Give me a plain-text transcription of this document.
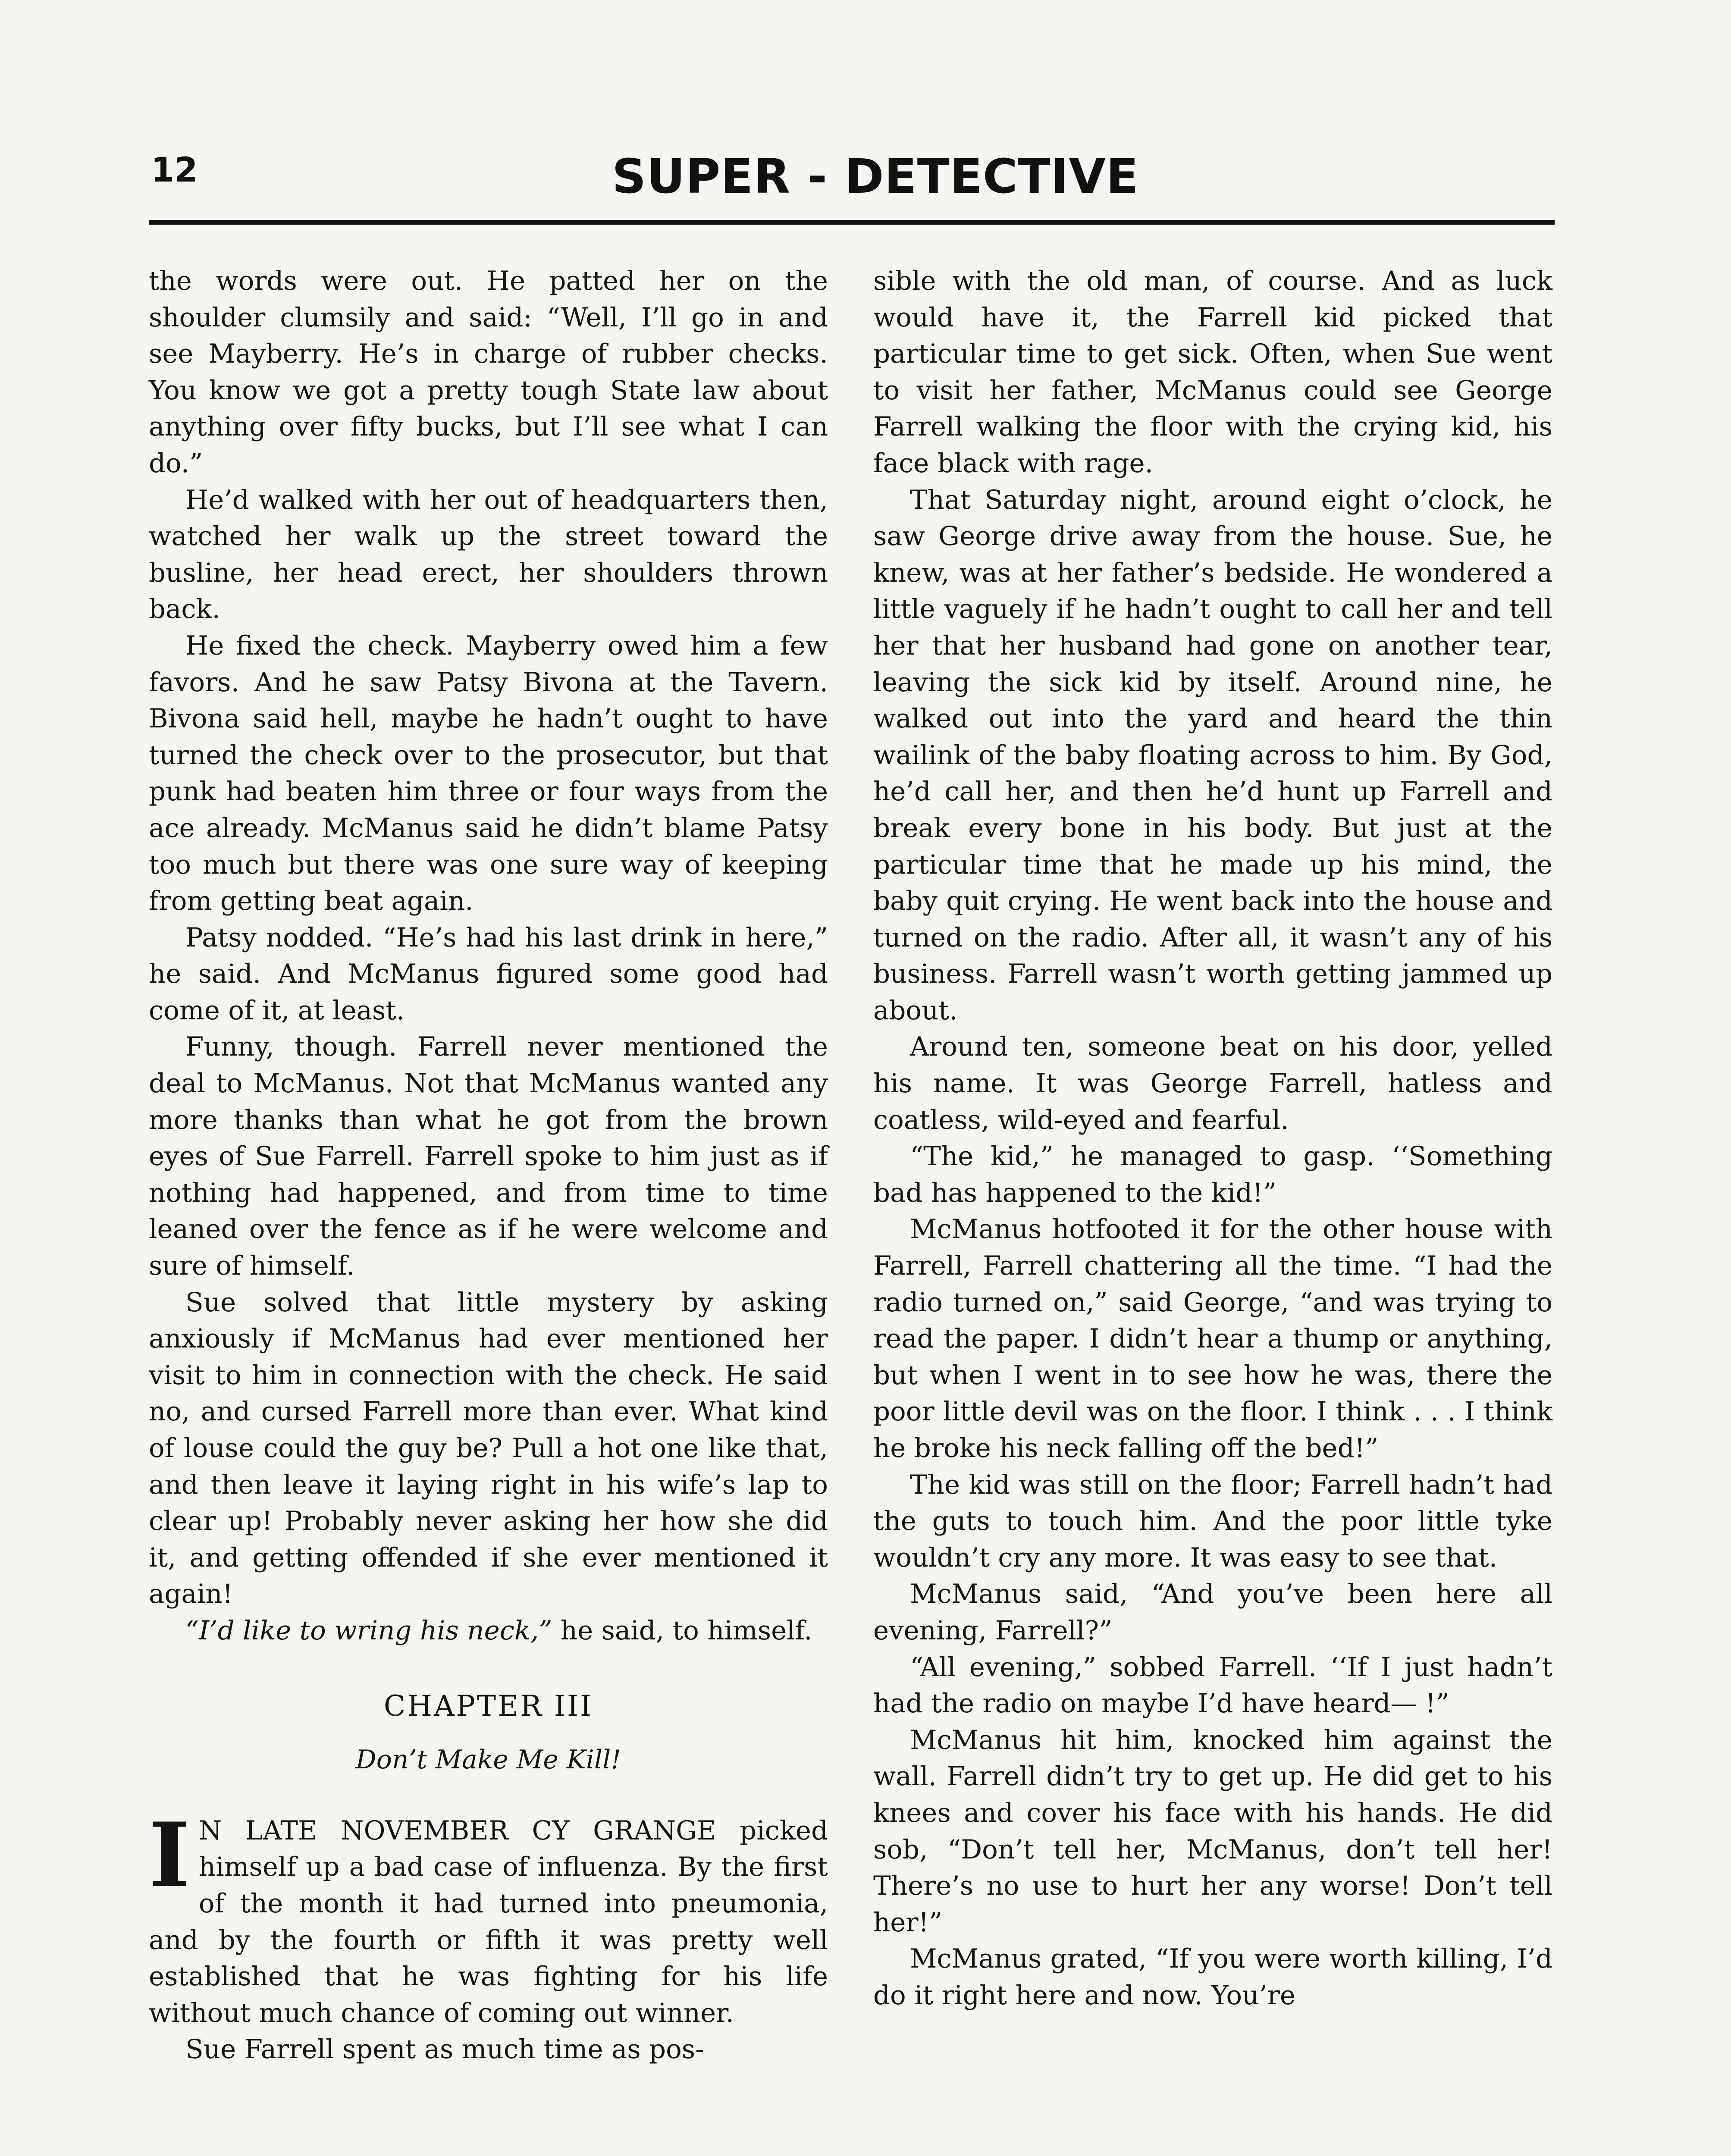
12	SUPER - DETECTIVE

the words were out. He patted her on the shoulder clumsily and said: “Well, I’ll go in and see Mayberry. He’s in charge of rubber checks. You know we got a pretty tough State law about anything over fifty bucks, but I’ll see what I can do.”

He’d walked with her out of headquarters then, watched her walk up the street toward the busline, her head erect, her shoulders thrown back.

He fixed the check. Mayberry owed him a few favors. And he saw Patsy Bivona at the Tavern. Bivona said hell, maybe he hadn’t ought to have turned the check over to the prosecutor, but that punk had beaten him three or four ways from the ace already. McManus said he didn’t blame Patsy too much but there was one sure way of keeping from getting beat again.

Patsy nodded. “He’s had his last drink in here,” he said. And McManus figured some good had come of it, at least.

Funny, though. Farrell never mentioned the deal to McManus. Not that McManus wanted any more thanks than what he got from the brown eyes of Sue Farrell. Farrell spoke to him just as if nothing had happened, and from time to time leaned over the fence as if he were welcome and sure of himself.

Sue solved that little mystery by asking anxiously if McManus had ever mentioned her visit to him in connection with the check. He said no, and cursed Farrell more than ever. What kind of louse could the guy be? Pull a hot one like that, and then leave it laying right in his wife’s lap to clear up! Probably never asking her how she did it, and getting offended if she ever mentioned it again!

“I’d like to wring his neck,” he said, to himself.

CHAPTER III
Don’t Make Me Kill!

I N LATE NOVEMBER CY GRANGE picked himself up a bad case of influenza. By the first of the month it had turned into pneumonia, and by the fourth or fifth it was pretty well established that he was fighting for his life without much chance of coming out winner.

Sue Farrell spent as much time as pos-

sible with the old man, of course. And as luck would have it, the Farrell kid picked that particular time to get sick. Often, when Sue went to visit her father, McManus could see George Farrell walking the floor with the crying kid, his face black with rage.

That Saturday night, around eight o’clock, he saw George drive away from the house. Sue, he knew, was at her father’s bedside. He wondered a little vaguely if he hadn’t ought to call her and tell her that her husband had gone on another tear, leaving the sick kid by itself. Around nine, he walked out into the yard and heard the thin wailink of the baby floating across to him. By God, he’d call her, and then he’d hunt up Farrell and break every bone in his body. But just at the particular time that he made up his mind, the baby quit crying. He went back into the house and turned on the radio. After all, it wasn’t any of his business. Farrell wasn’t worth getting jammed up about.

Around ten, someone beat on his door, yelled his name. It was George Farrell, hatless and coatless, wild-eyed and fearful.

“The kid,” he managed to gasp. ‘‘Something bad has happened to the kid!”

McManus hotfooted it for the other house with Farrell, Farrell chattering all the time. “I had the radio turned on,” said George, “and was trying to read the paper. I didn’t hear a thump or anything, but when I went in to see how he was, there the poor little devil was on the floor. I think . . . I think he broke his neck falling off the bed!”

The kid was still on the floor; Farrell hadn’t had the guts to touch him. And the poor little tyke wouldn’t cry any more. It was easy to see that.

McManus said, “And you’ve been here all evening, Farrell?”

“All evening,” sobbed Farrell. ‘‘If I just hadn’t had the radio on maybe I’d have heard— !”

McManus hit him, knocked him against the wall. Farrell didn’t try to get up. He did get to his knees and cover his face with his hands. He did sob, “Don’t tell her, McManus, don’t tell her! There’s no use to hurt her any worse! Don’t tell her!”

McManus grated, “If you were worth killing, I’d do it right here and now. You’re
